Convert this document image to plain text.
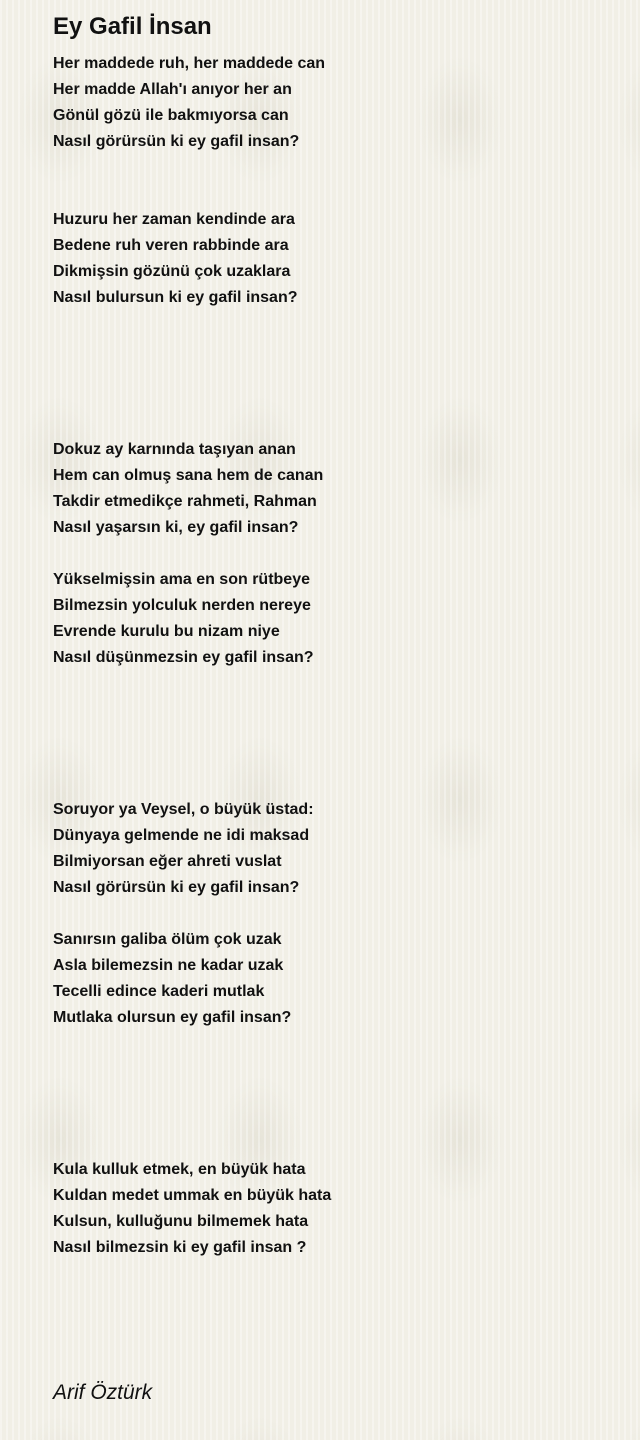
Ey Gafil İnsan
Her maddede ruh, her maddede can
Her madde Allah'ı anıyor her an
Gönül gözü ile bakmıyorsa can
Nasıl görürsün ki ey gafil insan?
Huzuru her zaman kendinde ara
Bedene ruh veren rabbinde ara
Dikmişsin gözünü çok uzaklara
Nasıl bulursun ki ey gafil insan?
Dokuz ay karnında taşıyan anan
Hem can olmuş sana hem de canan
Takdir etmedikçe rahmeti, Rahman
Nasıl yaşarsın ki, ey gafil insan?
Yükselmişsin ama en son rütbeye
Bilmezsin yolculuk nerden nereye
Evrende kurulu bu nizam niye
Nasıl düşünmezsin ey gafil insan?
Soruyor ya Veysel, o büyük üstad:
Dünyaya gelmende ne idi maksad
Bilmiyorsan eğer ahreti vuslat
Nasıl görürsün ki ey gafil insan?
Sanırsın galiba ölüm çok uzak
Asla bilemezsin ne kadar uzak
Tecelli edince kaderi mutlak
Mutlaka olursun ey gafil insan?
Kula kulluk etmek, en büyük hata
Kuldan medet ummak en büyük hata
Kulsun, kulluğunu bilmemek hata
Nasıl bilmezsin ki ey gafil insan ?

Arif Öztürk
